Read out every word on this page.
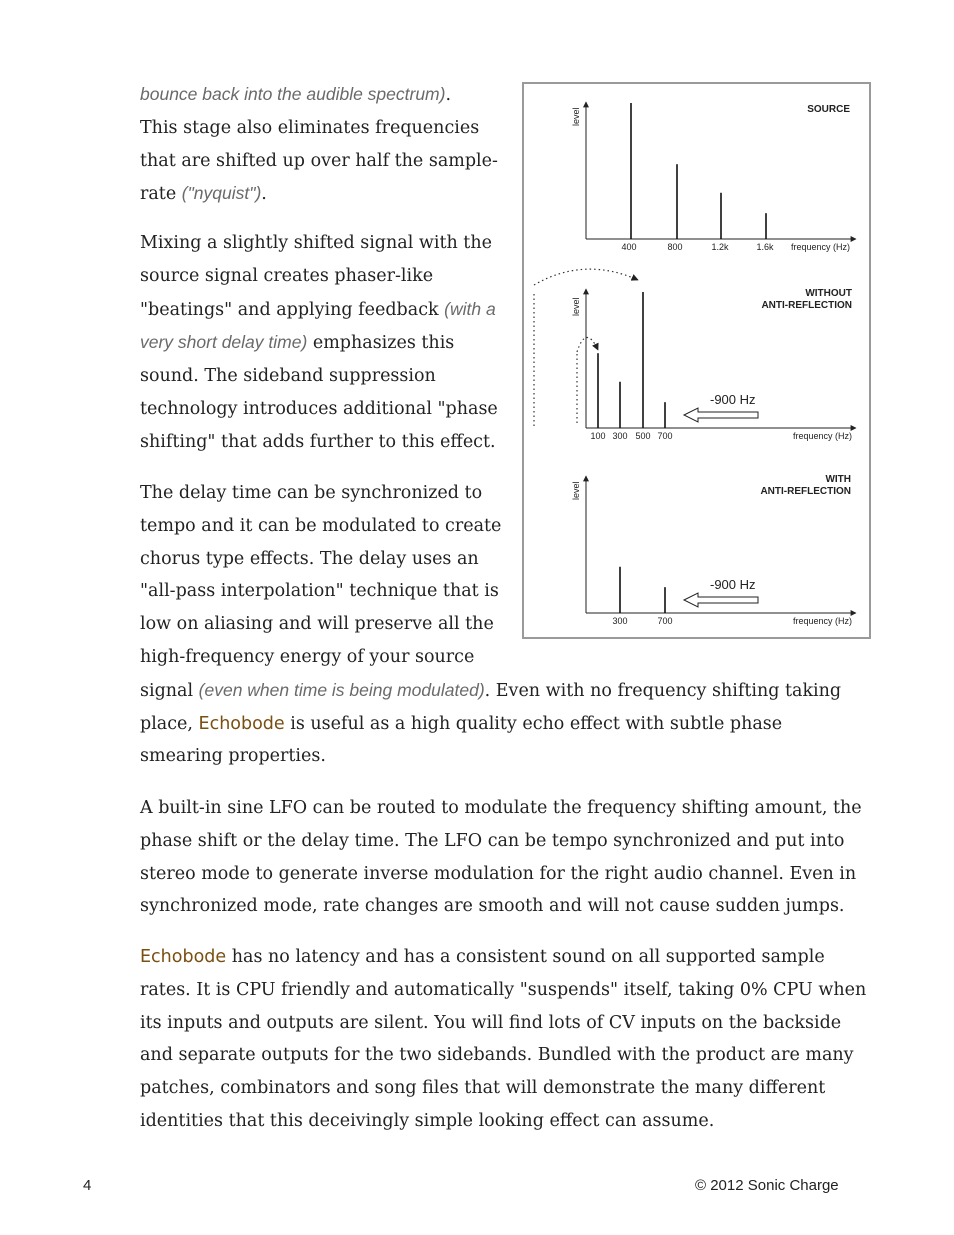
bounce back into the audible spectrum).
This stage also eliminates frequencies that are shifted up over half the sample-rate ("nyquist").

Mixing a slightly shifted signal with the source signal creates phaser-like "beatings" and applying feedback (with a very short delay time) emphasizes this sound. The sideband suppression technology introduces additional "phase shifting" that adds further to this effect.

The delay time can be synchronized to tempo and it can be modulated to create chorus type effects. The delay uses an "all-pass interpolation" technique that is low on aliasing and will preserve all the high-frequency energy of your source signal (even when time is being modulated). Even with no frequency shifting taking place, Echobode is useful as a high quality echo effect with subtle phase smearing properties.

A built-in sine LFO can be routed to modulate the frequency shifting amount, the phase shift or the delay time. The LFO can be tempo synchronized and put into stereo mode to generate inverse modulation for the right audio channel. Even in synchronized mode, rate changes are smooth and will not cause sudden jumps.

Echobode has no latency and has a consistent sound on all supported sample rates. It is CPU friendly and automatically "suspends" itself, taking 0% CPU when its inputs and outputs are silent. You will find lots of CV inputs on the backside and separate outputs for the two sidebands. Bundled with the product are many patches, combinators and song files that will demonstrate the many different identities that this deceivingly simple looking effect can assume.

level	SOURCE
400	800	1.2k	1.6k frequency (Hz)
level
WITHOUT
ANTI-REFLECTION
-900 Hz
100 300 500 700	frequency (Hz)
level
WITH
ANTI-REFLECTION
-900 Hz
300	700	frequency (Hz)
4	© 2012 Sonic Charge
